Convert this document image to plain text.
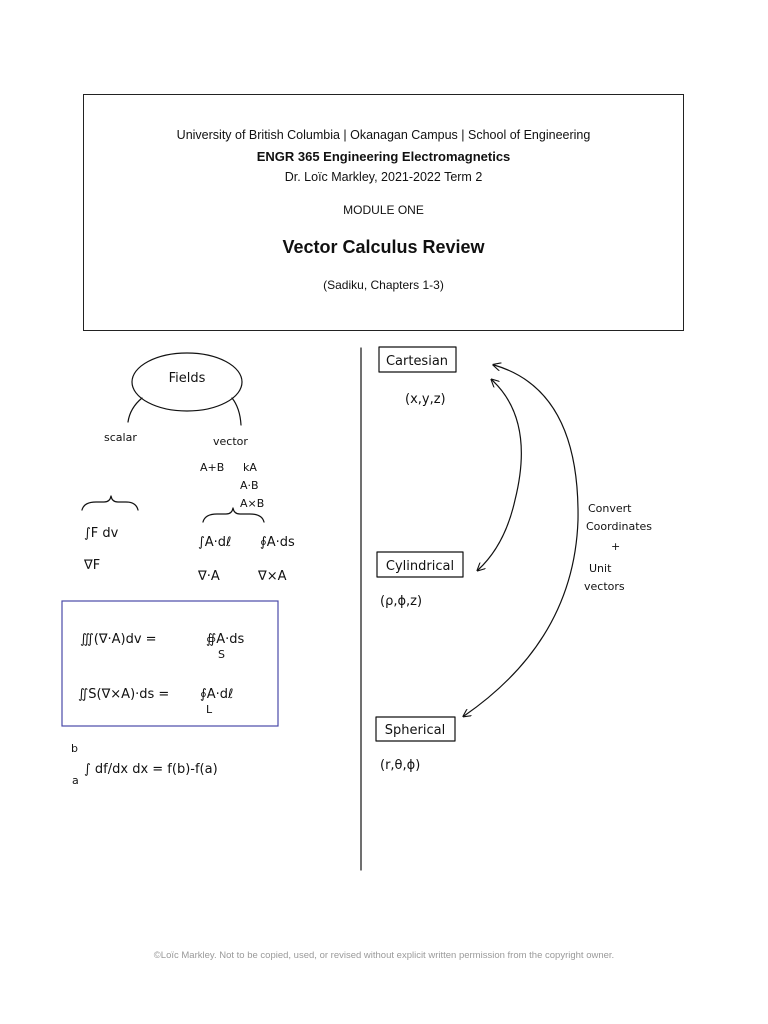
University of British Columbia | Okanagan Campus | School of Engineering
ENGR 365 Engineering Electromagnetics
Dr. Loïc Markley, 2021-2022 Term 2
MODULE ONE
Vector Calculus Review
(Sadiku, Chapters 1-3)
Fields
scalar	vector
A+B kA
A·B
A×B
∫F dv
∇F
∫A·dℓ ∮A·ds
∇·A	∇×A
∭(∇·A)dv =	∯A·ds
S
∬S(∇×A)·ds = ∮A·dℓ
L
b
a
∫ df/dx dx = f(b)-f(a)
Cartesian
(x,y,z)
Cylindrical
(ρ,ϕ,z)
Spherical
(r,θ,ϕ)
Convert
Coordinates
+
Unit
vectors
©Loïc Markley. Not to be copied, used, or revised without explicit written permission from the copyright owner.
